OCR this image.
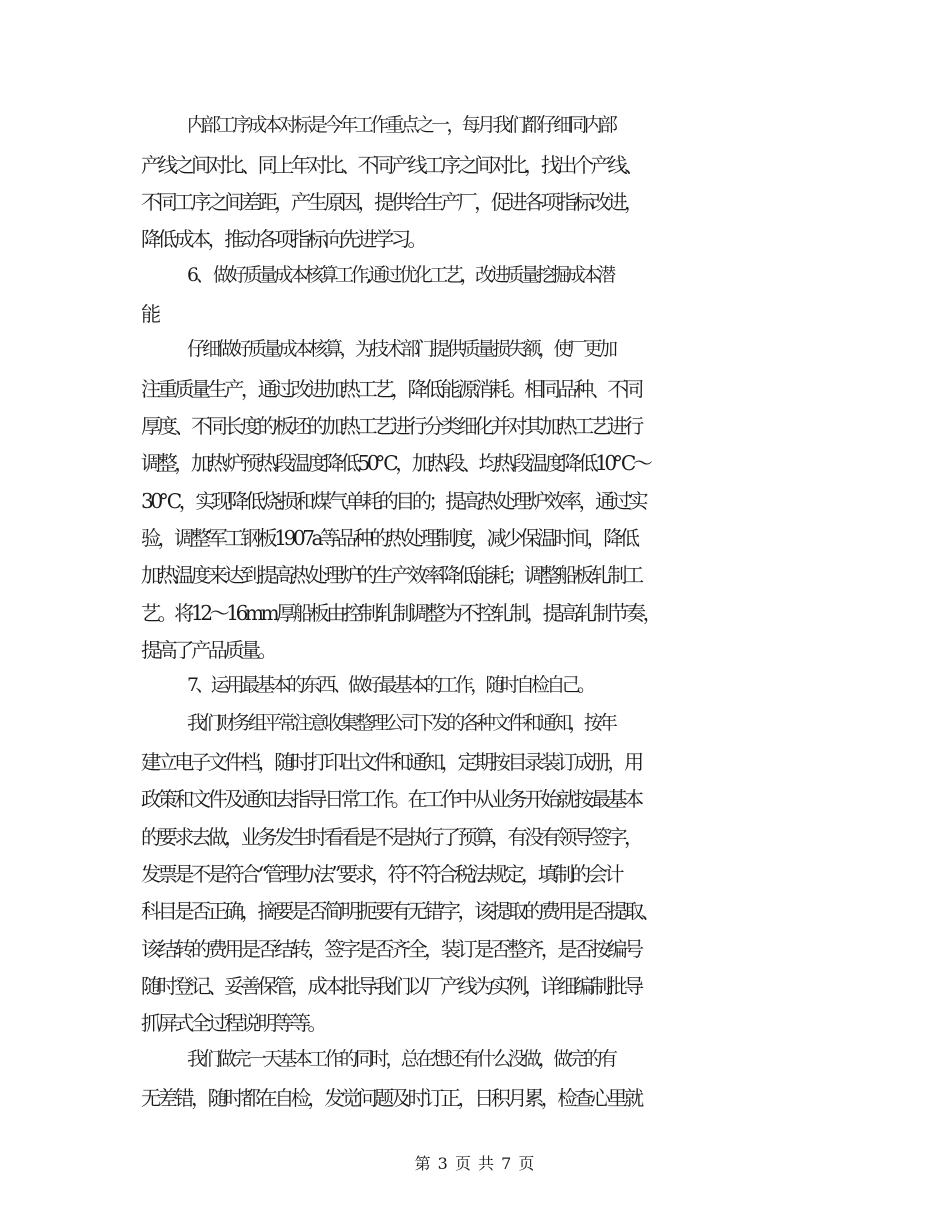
内部工序成本对标是今年工作重点之一，每月我们都仔细同内部
产线之间对比、同上年对比、不同产线工序之间对比，找出个产线、
不同工序之间差距，产生原因，提供给生产厂，促进各项指标改进，
降低成本，推动各项指标向先进学习。
6、 做好质量成本核算工作,通过优化工艺，改进质量挖掘成本潜
能
仔细做好质量成本核算，为技术部门提供质量损失额，使厂更加
注重质量生产，通过改进加热工艺，降低能源消耗。相同品种、不同
厚度、不同长度的板坯的加热工艺进行分类细化并对其加热工艺进行
调整，加热炉预热段温度降低50℃，加热段、均热段温度降低10℃～
30℃，实现降低烧损和煤气单耗的目的；提高热处理炉效率，通过实
验，调整军工钢板1907a等品种的热处理制度，减少保温时间，降低
加热温度来达到提高热处理炉的生产效率降低能耗；调整船板轧制工
艺。将12～16mm厚船板由控制轧制调整为不控轧制，提高轧制节奏，
提高了产品质量。
7、运用最基本的东西、做好最基本的工作，随时自检自己。
我们财务组平常注意收集整理公司下发的各种文件和通知，按年
建立电子文件档，随时打印出文件和通知，定期按目录装订成册，用
政策和文件及通知去指导日常工作。在工作中从业务开始就按最基本
的要求去做，业务发生时看看是不是执行了预算，有没有领导签字，
发票是不是符合“管理办法”要求，符不符合税法规定，填制的会计
科目是否正确，摘要是否简明扼要有无错字，该提取的费用是否提取、
该结转的费用是否结转，签字是否齐全，装订是否整齐，是否按编号
随时登记、妥善保管，成本批导我们以厂产线为实例，详细编制批导
抓屏式全过程说明等等。
我们做完一天基本工作的同时，总在想还有什么没做，做完的有
无差错，随时都在自检，发觉问题及时订正，日积月累，检查心里就
第 3 页 共 7 页
